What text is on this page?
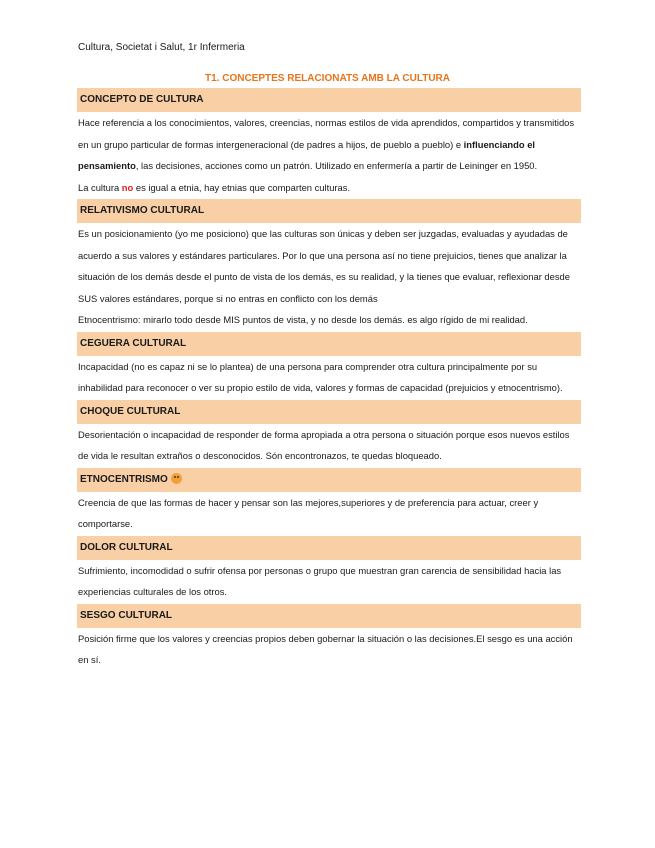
Cultura, Societat i Salut, 1r Infermeria
T1. CONCEPTES RELACIONATS AMB LA CULTURA
CONCEPTO DE CULTURA

Hace referencia a los conocimientos, valores, creencias, normas estilos de vida aprendidos, compartidos y transmitidos en un grupo particular de formas intergeneracional (de padres a hijos, de pueblo a pueblo) e influenciando el pensamiento, las decisiones, acciones como un patrón. Utilizado en enfermería a partir de Leininger en 1950.

La cultura no es igual a etnia, hay etnias que comparten culturas.

RELATIVISMO CULTURAL

Es un posicionamiento (yo me posiciono) que las culturas son únicas y deben ser juzgadas, evaluadas y ayudadas de acuerdo a sus valores y estándares particulares. Por lo que una persona así no tiene prejuicios, tienes que analizar la situación de los demás desde el punto de vista de los demás, es su realidad, y la tienes que evaluar, reflexionar desde SUS valores estándares, porque si no entras en conflicto con los demás

Etnocentrismo: mirarlo todo desde MIS puntos de vista, y no desde los demás. es algo rígido de mi realidad.

CEGUERA CULTURAL

Incapacidad (no es capaz ni se lo plantea) de una persona para comprender otra cultura principalmente por su inhabilidad para reconocer o ver su propio estilo de vida, valores y formas de capacidad (prejuicios y etnocentrismo).

CHOQUE CULTURAL

Desorientación o incapacidad de responder de forma apropiada a otra persona o situación porque esos nuevos estilos de vida le resultan extraños o desconocidos. Són encontronazos, te quedas bloqueado.

ETNOCENTRISMO

Creencia de que las formas de hacer y pensar son las mejores,superiores y de preferencia para actuar, creer y comportarse.

DOLOR CULTURAL

Sufrimiento, incomodidad o sufrir ofensa por personas o grupo que muestran gran carencia de sensibilidad hacia las experiencias culturales de los otros.

SESGO CULTURAL

Posición firme que los valores y creencias propios deben gobernar la situación o las decisiones.El sesgo es una acción en sí.
